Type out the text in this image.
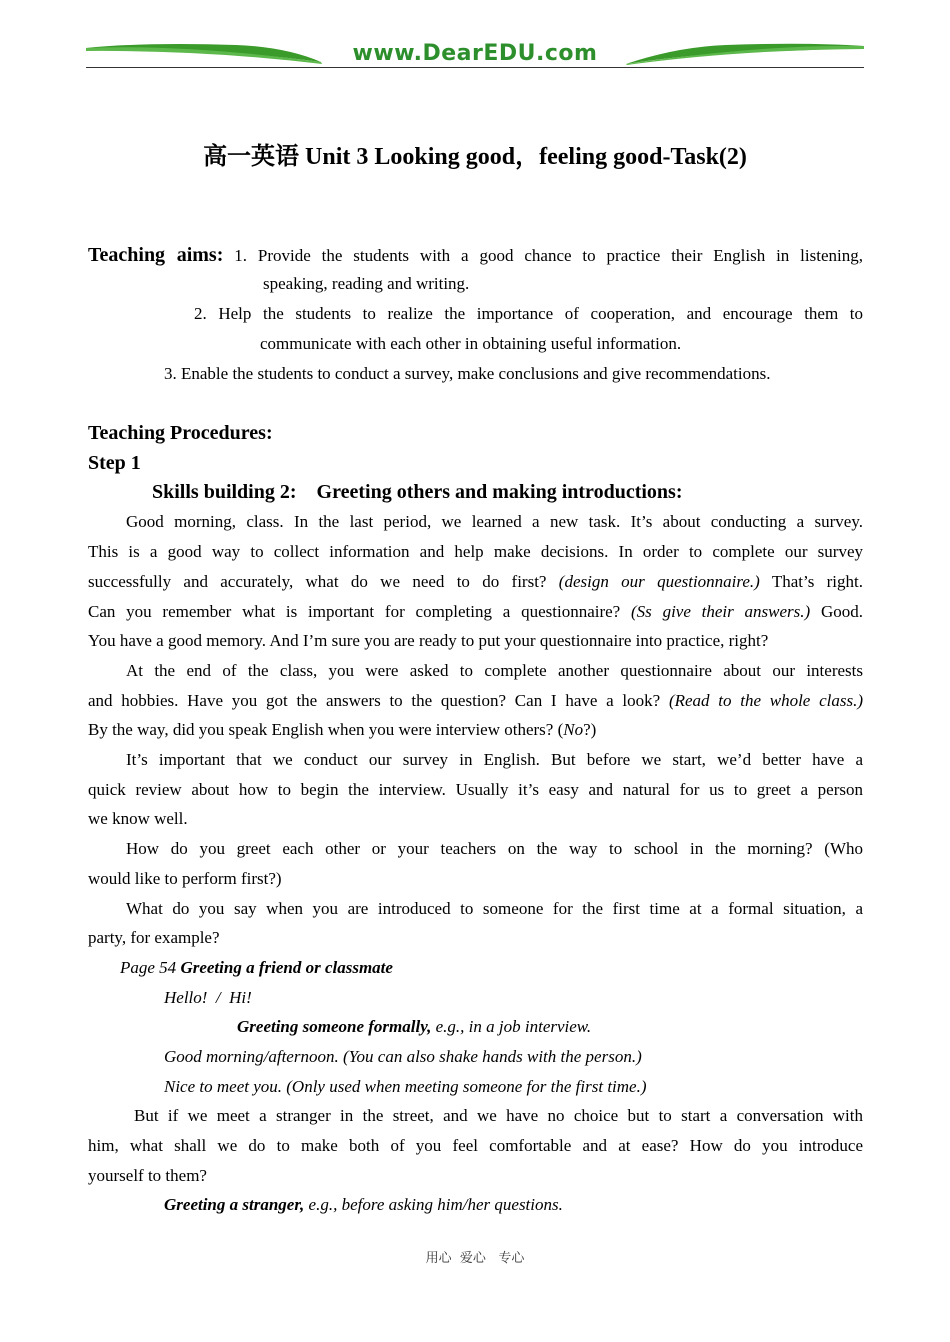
www.DearEDU.com
高一英语 Unit 3 Looking good，feeling good-Task(2)
Teaching aims: 1. Provide the students with a good chance to practice their English in listening,
speaking, reading and writing.
2. Help the students to realize the importance of cooperation, and encourage them to
communicate with each other in obtaining useful information.
3. Enable the students to conduct a survey, make conclusions and give recommendations.
Teaching Procedures:
Step 1
Skills building 2:    Greeting others and making introductions:
Good morning, class. In the last period, we learned a new task. It’s about conducting a survey.
This is a good way to collect information and help make decisions. In order to complete our survey
successfully and accurately, what do we need to do first? (design our questionnaire.) That’s right.
Can you remember what is important for completing a questionnaire? (Ss give their answers.) Good.
You have a good memory. And I’m sure you are ready to put your questionnaire into practice, right?
At the end of the class, you were asked to complete another questionnaire about our interests
and hobbies. Have you got the answers to the question? Can I have a look? (Read to the whole class.)
By the way, did you speak English when you were interview others? (No?)
It’s important that we conduct our survey in English. But before we start, we’d better have a
quick review about how to begin the interview. Usually it’s easy and natural for us to greet a person
we know well.
How do you greet each other or your teachers on the way to school in the morning? (Who
would like to perform first?)
What do you say when you are introduced to someone for the first time at a formal situation, a
party, for example?
Page 54 Greeting a friend or classmate
Hello!  /  Hi!
Greeting someone formally, e.g., in a job interview.
Good morning/afternoon. (You can also shake hands with the person.)
Nice to meet you. (Only used when meeting someone for the first time.)
But if we meet a stranger in the street, and we have no choice but to start a conversation with
him, what shall we do to make both of you feel comfortable and at ease? How do you introduce
yourself to them?
Greeting a stranger, e.g., before asking him/her questions.
用心  爱心   专心
